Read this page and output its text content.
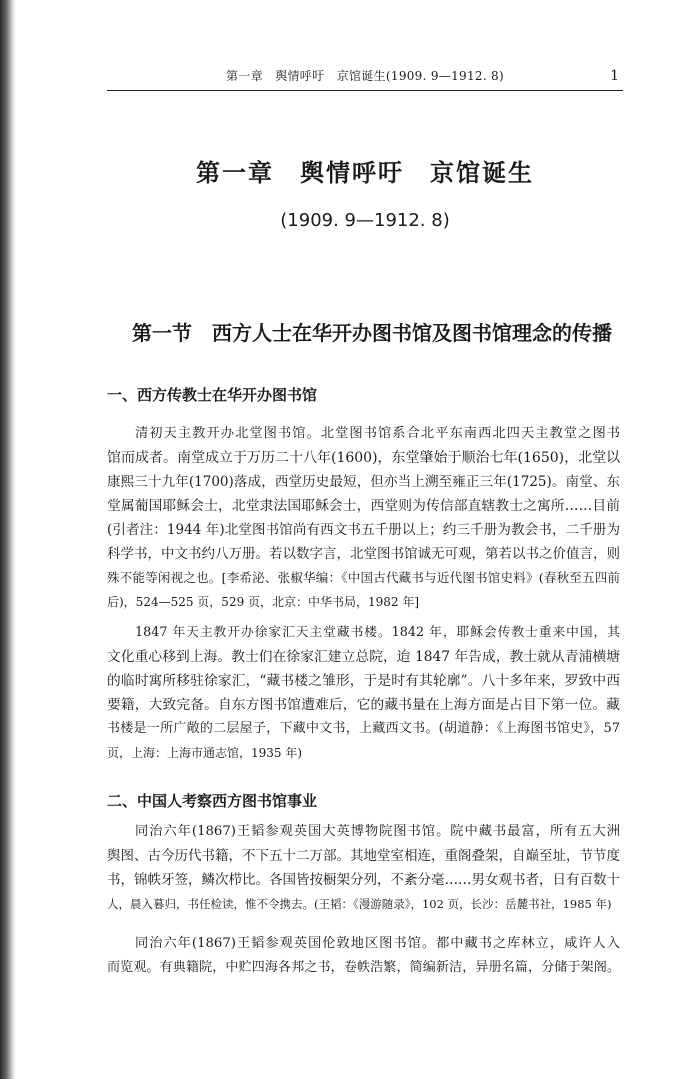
第一章　舆情呼吁　京馆诞生(1909. 9—1912. 8)	1
第一章　舆情呼吁　京馆诞生
(1909. 9—1912. 8)
第一节　西方人士在华开办图书馆及图书馆理念的传播
一、西方传教士在华开办图书馆
清初天主教开办北堂图书馆。北堂图书馆系合北平东南西北四天主教堂之图书
馆而成者。南堂成立于万历二十八年(1600)，东堂肇始于顺治七年(1650)，北堂以
康熙三十九年(1700)落成，西堂历史最短，但亦当上溯至雍正三年(1725)。南堂、东
堂属葡国耶稣会士，北堂隶法国耶稣会士，西堂则为传信部直辖教士之寓所……目前
(引者注：1944 年)北堂图书馆尚有西文书五千册以上；约三千册为教会书，二千册为
科学书，中文书约八万册。若以数字言，北堂图书馆诚无可观，第若以书之价值言，则
殊不能等闲视之也。[李希泌、张椒华编：《中国古代藏书与近代图书馆史料》(春秋至五四前
后)，524—525 页，529 页，北京：中华书局，1982 年]
1847 年天主教开办徐家汇天主堂藏书楼。1842 年，耶稣会传教士重来中国，其
文化重心移到上海。教士们在徐家汇建立总院，迨 1847 年告成，教士就从青浦横塘
的临时寓所移驻徐家汇，“藏书楼之雏形，于是时有其轮廓”。八十多年来，罗致中西
要籍，大致完备。自东方图书馆遭难后，它的藏书量在上海方面是占目下第一位。藏
书楼是一所广敞的二层屋子，下藏中文书，上藏西文书。(胡道静：《上海图书馆史》，57
页，上海：上海市通志馆，1935 年)
二、中国人考察西方图书馆事业
同治六年(1867)王韬参观英国大英博物院图书馆。院中藏书最富，所有五大洲
舆图、古今历代书籍，不下五十二万部。其地堂室相连，重阁叠架，自巅至址，节节度
书，锦帙牙签，鳞次栉比。各国皆按橱架分列，不紊分毫……男女观书者，日有百数十
人，晨入暮归，书任检读，惟不令携去。(王韬：《漫游随录》，102 页，长沙：岳麓书社，1985 年)
同治六年(1867)王韬参观英国伦敦地区图书馆。都中藏书之库林立，咸许人入
而览观。有典籍院，中贮四海各邦之书，卷帙浩繁，简编新洁，异册名篇，分储于架阁。
